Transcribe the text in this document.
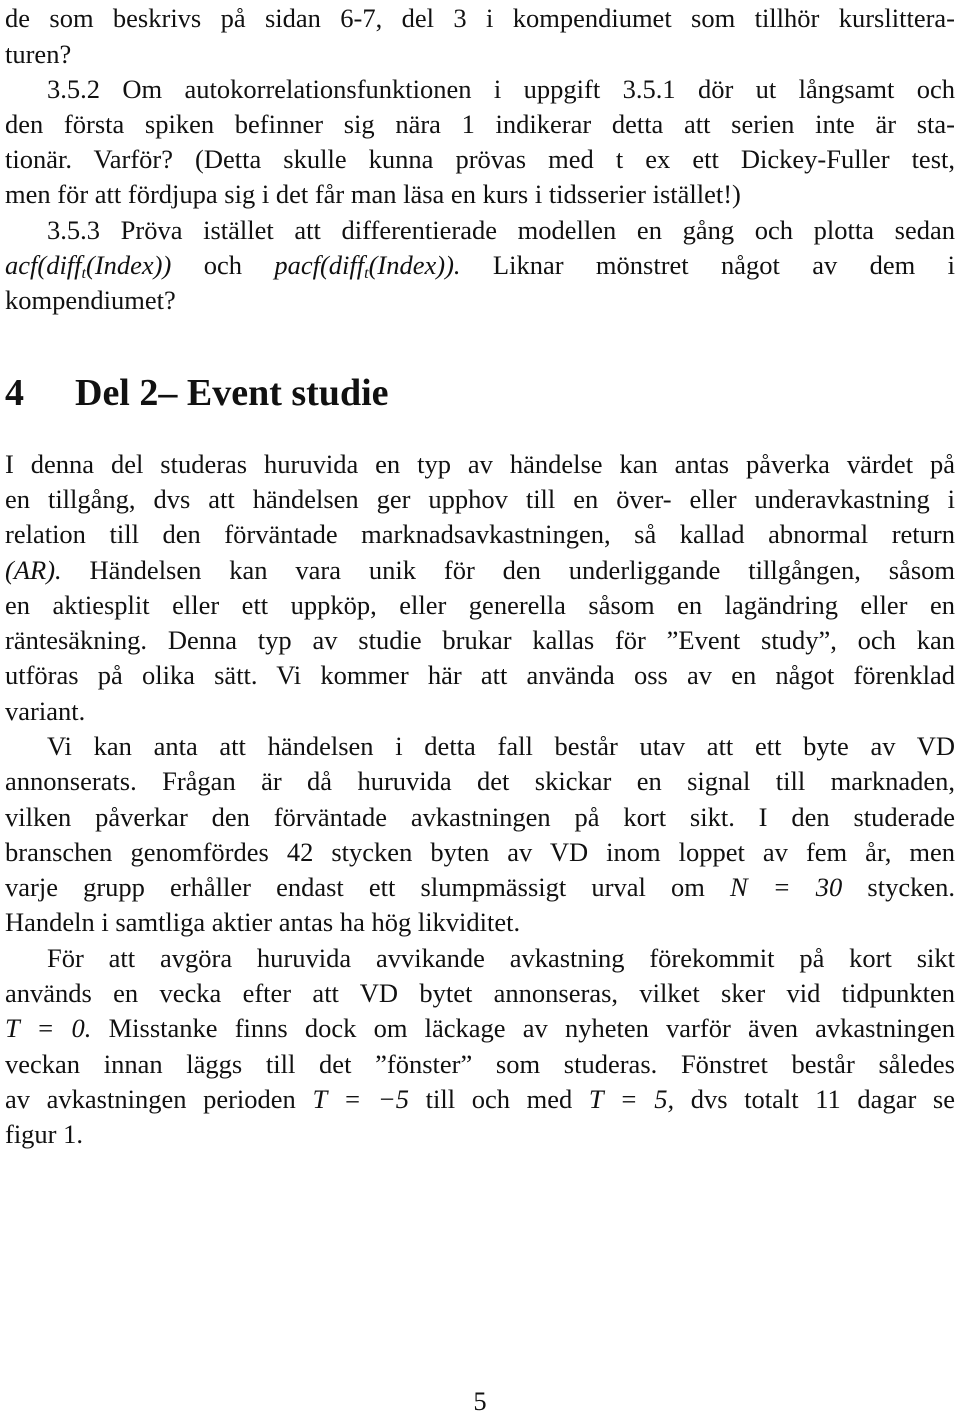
de som beskrivs på sidan 6-7, del 3 i kompendiumet som tillhör kurslittera-
turen?
3.5.2 Om autokorrelationsfunktionen i uppgift 3.5.1 dör ut långsamt och
den första spiken befinner sig nära 1 indikerar detta att serien inte är sta-
tionär. Varför? (Detta skulle kunna prövas med t ex ett Dickey-Fuller test,
men för att fördjupa sig i det får man läsa en kurs i tidsserier istället!)
3.5.3 Pröva istället att differentierade modellen en gång och plotta sedan
acf(diff$_t$(Index)) och pacf(diff$_t$(Index)). Liknar mönstret något av dem i
kompendiumet?
4 Del 2– Event studie
I denna del studeras huruvida en typ av händelse kan antas påverka värdet på
en tillgång, dvs att händelsen ger upphov till en över- eller underavkastning i
relation till den förväntade marknadsavkastningen, så kallad abnormal return
(AR). Händelsen kan vara unik för den underliggande tillgången, såsom
en aktiesplit eller ett uppköp, eller generella såsom en lagändring eller en
räntesäkning. Denna typ av studie brukar kallas för ”Event study”, och kan
utföras på olika sätt. Vi kommer här att använda oss av en något förenklad
variant.
Vi kan anta att händelsen i detta fall består utav att ett byte av VD
annonserats. Frågan är då huruvida det skickar en signal till marknaden,
vilken påverkar den förväntade avkastningen på kort sikt. I den studerade
branschen genomfördes 42 stycken byten av VD inom loppet av fem år, men
varje grupp erhåller endast ett slumpmässigt urval om N = 30 stycken.
Handeln i samtliga aktier antas ha hög likviditet.
För att avgöra huruvida avvikande avkastning förekommit på kort sikt
används en vecka efter att VD bytet annonseras, vilket sker vid tidpunkten
T = 0. Misstanke finns dock om läckage av nyheten varför även avkastningen
veckan innan läggs till det ”fönster” som studeras. Fönstret består således
av avkastningen perioden T = −5 till och med T = 5, dvs totalt 11 dagar se
figur 1.
5
